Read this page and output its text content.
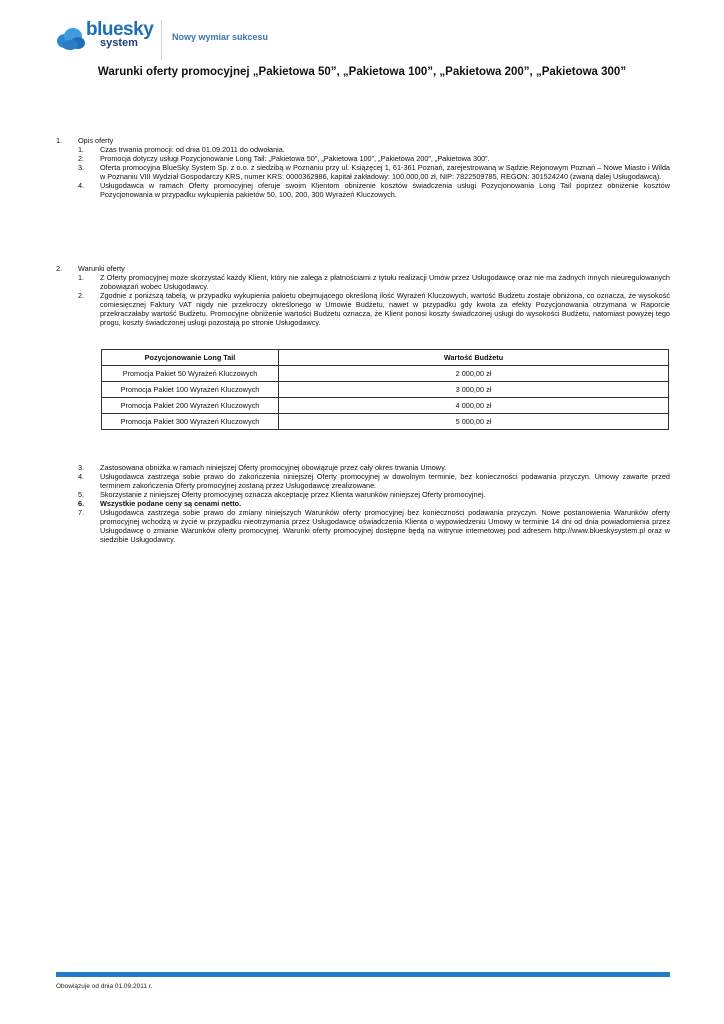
bluesky
system	Nowy wymiar sukcesu
Warunki oferty promocyjnej „Pakietowa 50”, „Pakietowa 100”, „Pakietowa 200”, „Pakietowa 300”
1. Opis oferty
1. Czas trwania promocji: od dnia 01.09.2011 do odwołania.
2. Promocja dotyczy usługi Pozycjonowanie Long Tail: „Pakietowa 50”, „Pakietowa 100”, „Pakietowa 200”, „Pakietowa 300”.
3. Oferta promocyjna BlueSky System Sp. z o.o. z siedzibą w Poznaniu przy ul. Książęcej 1, 61-361 Poznań, zarejestrowaną w Sądzie Rejonowym Poznań – Nowe Miasto i Wilda w Poznaniu VIII Wydział Gospodarczy KRS, numer KRS: 0000362986, kapitał zakładowy: 100.000,00 zł, NIP: 7822509785, REGON: 301524240 (zwaną dalej Usługodawcą).
4. Usługodawca w ramach Oferty promocyjnej oferuje swoim Klientom obniżenie kosztów świadczenia usługi Pozycjonowania Long Tail poprzez obniżenie kosztów Pozycjonowania w przypadku wykupienia pakietów 50, 100, 200, 300 Wyrażeń Kluczowych.
2. Warunki oferty
1. Z Oferty promocyjnej może skorzystać każdy Klient, który nie zalega z płatnościami z tytułu realizacji Umów przez Usługodawcę oraz nie ma żadnych innych nieuregulowanych zobowiązań wobec Usługodawcy.
2. Zgodnie z poniższą tabelą, w przypadku wykupienia pakietu obejmującego określoną ilość Wyrażeń Kluczowych, wartość Budżetu zostaje obniżona, co oznacza, że wysokość comiesięcznej Faktury VAT nigdy nie przekroczy określonego w Umowie Budżetu, nawet w przypadku gdy kwota za efekty Pozycjonowania otrzymana w Raporcie przekraczałaby wartość Budżetu. Promocyjne obniżenie wartości Budżetu oznacza, że Klient ponosi koszty świadczonej usługi do wysokości Budżetu, natomiast powyżej tego progu, koszty świadczonej usługi pozostają po stronie Usługodawcy.
Pozycjonowanie Long Tail	Wartość Budżetu
Promocja Pakiet 50 Wyrażeń Kluczowych	2 000,00 zł
Promocja Pakiet 100 Wyrażeń Kluczowych	3 000,00 zł
Promocja Pakiet 200 Wyrażeń Kluczowych	4 000,00 zł
Promocja Pakiet 300 Wyrażeń Kluczowych	5 000,00 zł
3. Zastosowana obniżka w ramach niniejszej Oferty promocyjnej obowiązuje przez cały okres trwania Umowy.
4. Usługodawca zastrzega sobie prawo do zakończenia niniejszej Oferty promocyjnej w dowolnym terminie, bez konieczności podawania przyczyn. Umowy zawarte przed terminem zakończenia Oferty promocyjnej zostaną przez Usługodawcę zrealizowane.
5. Skorzystanie z niniejszej Oferty promocyjnej oznacza akceptację przez Klienta warunków niniejszej Oferty promocyjnej.
6. Wszystkie podane ceny są cenami netto.
7. Usługodawca zastrzega sobie prawo do zmiany niniejszych Warunków oferty promocyjnej bez konieczności podawania przyczyn. Nowe postanowienia Warunków oferty promocyjnej wchodzą w życie w przypadku nieotrzymania przez Usługodawcę oświadczenia Klienta o wypowiedzeniu Umowy w terminie 14 dni od dnia powiadomienia przez Usługodawcę o zmianie Warunków oferty promocyjnej. Warunki oferty promocyjnej dostępne będą na witrynie internetowej pod adresem http://www.blueskysystem.pl oraz w siedzibie Usługodawcy.
Obowiązuje od dnia 01.09.2011 r.
